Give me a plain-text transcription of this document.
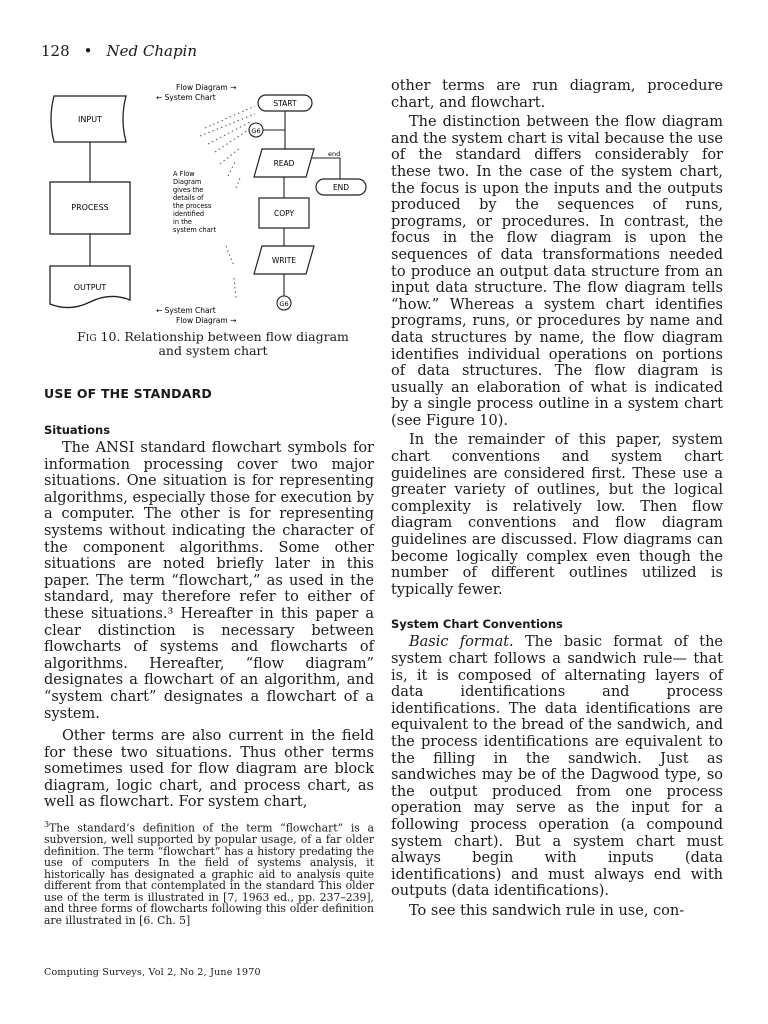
128 • Ned Chapin
Flow Diagram →
← System Chart
INPUT
PROCESS
OUTPUT
A Flow
Diagram
gives the
details of
the process
identified
in the
system chart
START
G6
READ
end
END
COPY
WRITE
G6
← System Chart
Flow Diagram →
Fig 10. Relationship between flow diagram
and system chart
USE OF THE STANDARD
Situations

The ANSI standard flowchart symbols for information processing cover two major situations. One situation is for representing algorithms, especially those for execution by a computer. The other is for representing systems without indicating the character of the component algorithms. Some other situations are noted briefly later in this paper. The term “flowchart,” as used in the standard, may therefore refer to either of these situations.³ Hereafter in this paper a clear distinction is necessary between flowcharts of systems and flowcharts of algorithms. Hereafter, “flow diagram” designates a flowchart of an algorithm, and “system chart” designates a flowchart of a system.

Other terms are also current in the field for these two situations. Thus other terms sometimes used for flow diagram are block diagram, logic chart, and process chart, as well as flowchart. For system chart,

$^3$The standard’s definition of the term “flowchart” is a subversion, well supported by popular usage, of a far older definition. The term “flowchart” has a history predating the use of computers In the field of systems analysis, it historically has designated a graphic aid to analysis quite different from that contemplated in the standard This older use of the term is illustrated in [7, 1963 ed., pp. 237–239], and three forms of flowcharts following this older definition are illustrated in [6. Ch. 5]

other terms are run diagram, procedure chart, and flowchart.

The distinction between the flow diagram and the system chart is vital because the use of the standard differs considerably for these two. In the case of the system chart, the focus is upon the inputs and the outputs produced by the sequences of runs, programs, or procedures. In contrast, the focus in the flow diagram is upon the sequences of data transformations needed to produce an output data structure from an input data structure. The flow diagram tells “how.” Whereas a system chart identifies programs, runs, or procedures by name and data structures by name, the flow diagram identifies individual operations on portions of data structures. The flow diagram is usually an elaboration of what is indicated by a single process outline in a system chart (see Figure 10).

In the remainder of this paper, system chart conventions and system chart guidelines are considered first. These use a greater variety of outlines, but the logical complexity is relatively low. Then flow diagram conventions and flow diagram guidelines are discussed. Flow diagrams can become logically complex even though the number of different outlines utilized is typically fewer.

System Chart Conventions

Basic format. The basic format of the system chart follows a sandwich rule— that is, it is composed of alternating layers of data identifications and process identifications. The data identifications are equivalent to the bread of the sandwich, and the process identifications are equivalent to the filling in the sandwich. Just as sandwiches may be of the Dagwood type, so the output produced from one process operation may serve as the input for a following process operation (a compound system chart). But a system chart must always begin with inputs (data identifications) and must always end with outputs (data identifications).

To see this sandwich rule in use, con-

Computing Surveys, Vol 2, No 2, June 1970
